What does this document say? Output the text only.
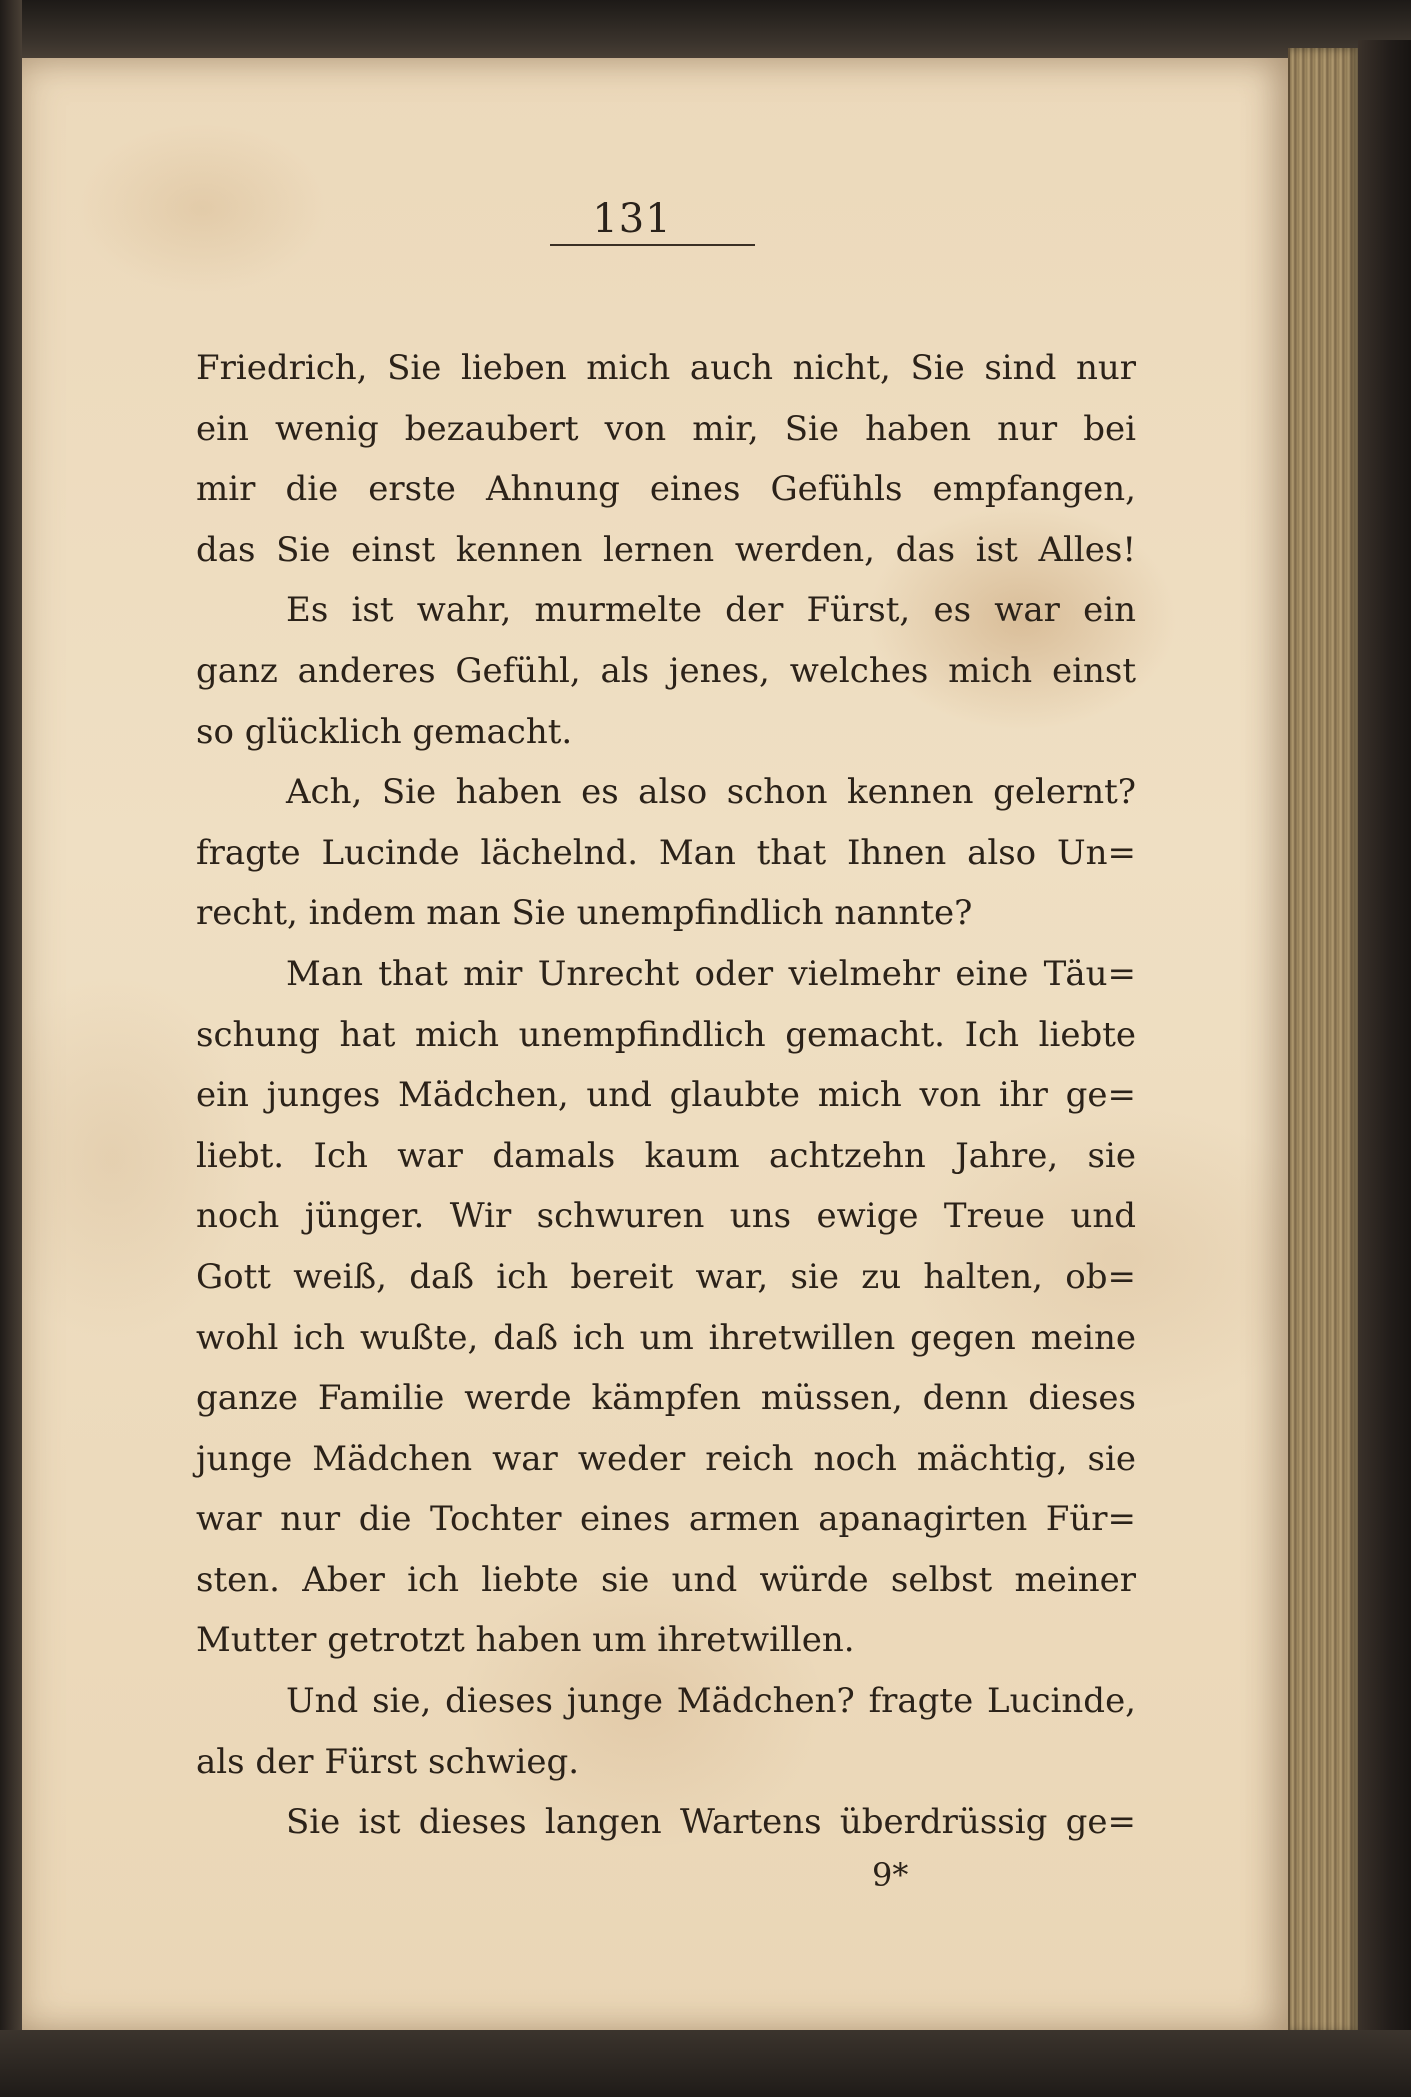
131
Friedrich, Sie lieben mich auch nicht, Sie sind nur
ein wenig bezaubert von mir, Sie haben nur bei
mir die erste Ahnung eines Gefühls empfangen,
das Sie einst kennen lernen werden, das ist Alles!
Es ist wahr, murmelte der Fürst, es war ein
ganz anderes Gefühl, als jenes, welches mich einst
so glücklich gemacht.
Ach, Sie haben es also schon kennen gelernt?
fragte Lucinde lächelnd. Man that Ihnen also Un=
recht, indem man Sie unempfindlich nannte?
Man that mir Unrecht oder vielmehr eine Täu=
schung hat mich unempfindlich gemacht. Ich liebte
ein junges Mädchen, und glaubte mich von ihr ge=
liebt. Ich war damals kaum achtzehn Jahre, sie
noch jünger. Wir schwuren uns ewige Treue und
Gott weiß, daß ich bereit war, sie zu halten, ob=
wohl ich wußte, daß ich um ihretwillen gegen meine
ganze Familie werde kämpfen müssen, denn dieses
junge Mädchen war weder reich noch mächtig, sie
war nur die Tochter eines armen apanagirten Für=
sten. Aber ich liebte sie und würde selbst meiner
Mutter getrotzt haben um ihretwillen.
Und sie, dieses junge Mädchen? fragte Lucinde,
als der Fürst schwieg.
Sie ist dieses langen Wartens überdrüssig ge=
9*
